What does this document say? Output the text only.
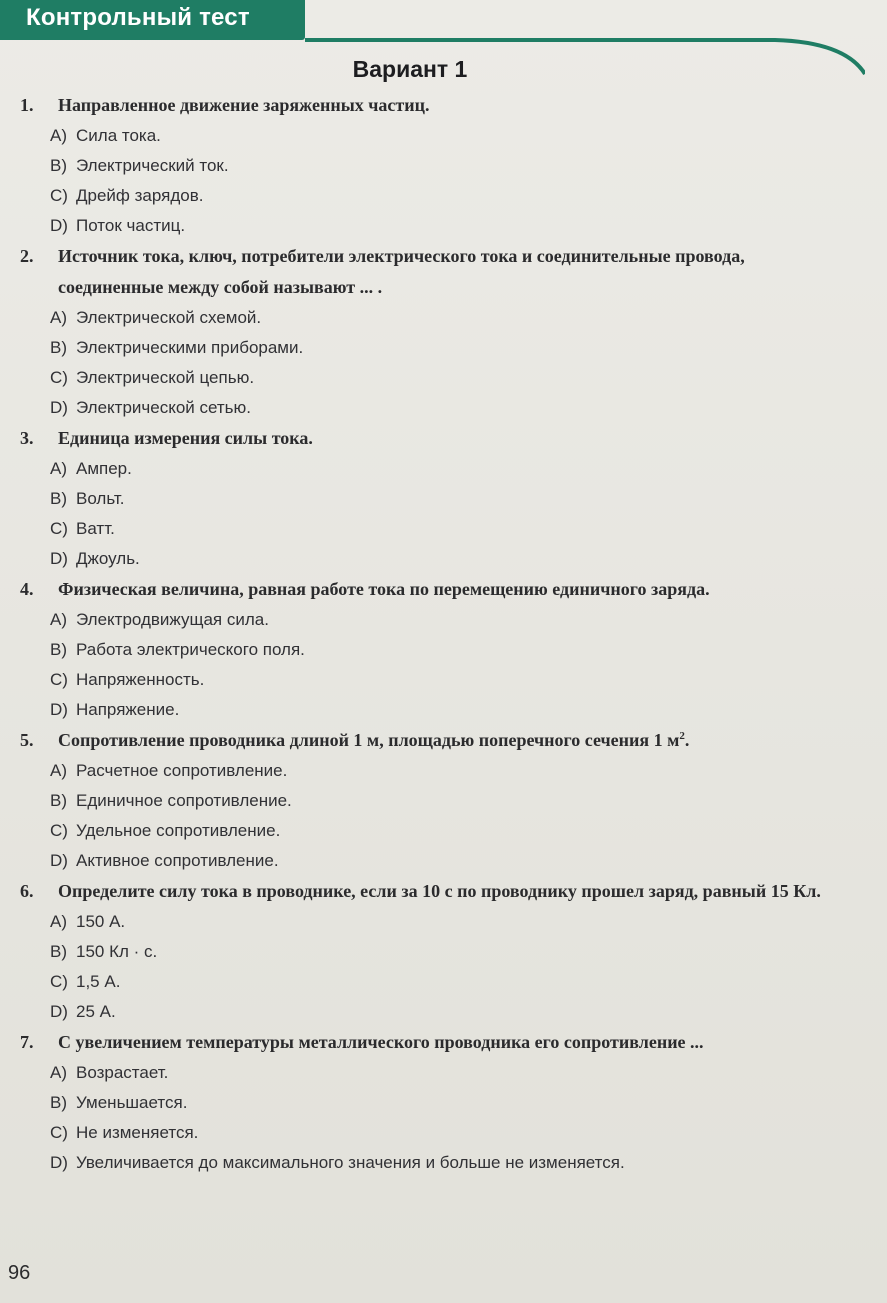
Контрольный тест
Вариант 1
1.	Направленное движение заряженных частиц.
A) Сила тока.
B) Электрический ток.
C) Дрейф зарядов.
D) Поток частиц.
2.	Источник тока, ключ, потребители электрического тока и соединительные провода, соединенные между собой называют ... .
A) Электрической схемой.
B) Электрическими приборами.
C) Электрической цепью.
D) Электрической сетью.
3.	Единица измерения силы тока.
A) Ампер.
B) Вольт.
C) Ватт.
D) Джоуль.
4.	Физическая величина, равная работе тока по перемещению единичного заряда.
A) Электродвижущая сила.
B) Работа электрического поля.
C) Напряженность.
D) Напряжение.
5.	Сопротивление проводника длиной 1 м, площадью поперечного сечения 1 $м^2$.
A) Расчетное сопротивление.
B) Единичное сопротивление.
C) Удельное сопротивление.
D) Активное сопротивление.
6.	Определите силу тока в проводнике, если за 10 с по проводнику прошел заряд, равный 15 Кл.
A) 150 А.
B) 150 Кл · с.
C) 1,5 А.
D) 25 А.
7.	С увеличением температуры металлического проводника его сопротивление ...
A) Возрастает.
B) Уменьшается.
C) Не изменяется.
D) Увеличивается до максимального значения и больше не изменяется.
96
